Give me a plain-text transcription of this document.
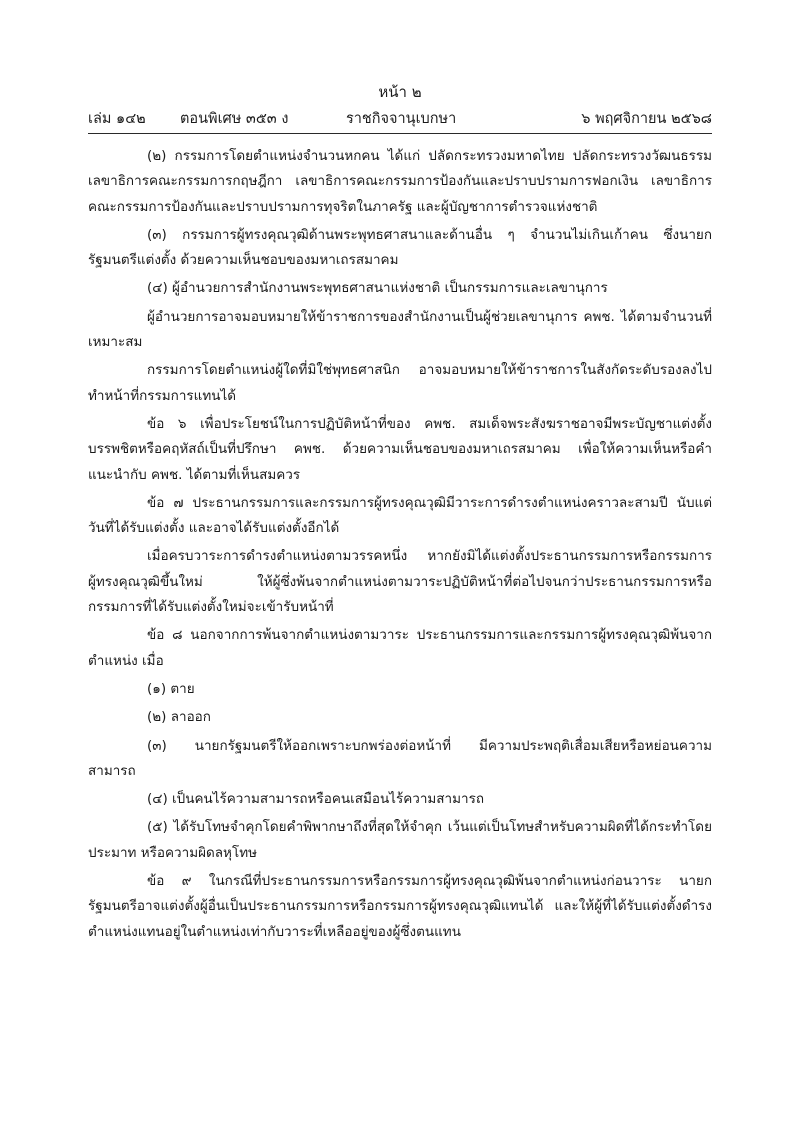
หน้า ๒
เล่ม ๑๔๒ ตอนพิเศษ ๓๕๓ ง	ราชกิจจานุเบกษา	๖ พฤศจิกายน ๒๕๖๘

(๒) กรรมการโดยตำแหน่งจำนวนหกคน ได้แก่ ปลัดกระทรวงมหาดไทย ปลัดกระทรวงวัฒนธรรม เลขาธิการคณะกรรมการกฤษฎีกา เลขาธิการคณะกรรมการป้องกันและปราบปรามการฟอกเงิน เลขาธิการคณะกรรมการป้องกันและปราบปรามการทุจริตในภาครัฐ และผู้บัญชาการตำรวจแห่งชาติ

(๓) กรรมการผู้ทรงคุณวุฒิด้านพระพุทธศาสนาและด้านอื่น ๆ จำนวนไม่เกินเก้าคน ซึ่งนายกรัฐมนตรีแต่งตั้ง ด้วยความเห็นชอบของมหาเถรสมาคม

(๔) ผู้อำนวยการสำนักงานพระพุทธศาสนาแห่งชาติ เป็นกรรมการและเลขานุการ

ผู้อำนวยการอาจมอบหมายให้ข้าราชการของสำนักงานเป็นผู้ช่วยเลขานุการ คพช. ได้ตามจำนวนที่เหมาะสม

กรรมการโดยตำแหน่งผู้ใดที่มิใช่พุทธศาสนิก อาจมอบหมายให้ข้าราชการในสังกัดระดับรองลงไปทำหน้าที่กรรมการแทนได้

ข้อ ๖ เพื่อประโยชน์ในการปฏิบัติหน้าที่ของ คพช. สมเด็จพระสังฆราชอาจมีพระบัญชาแต่งตั้งบรรพชิตหรือคฤหัสถ์เป็นที่ปรึกษา คพช. ด้วยความเห็นชอบของมหาเถรสมาคม เพื่อให้ความเห็นหรือคำแนะนำกับ คพช. ได้ตามที่เห็นสมควร

ข้อ ๗ ประธานกรรมการและกรรมการผู้ทรงคุณวุฒิมีวาระการดำรงตำแหน่งคราวละสามปี นับแต่วันที่ได้รับแต่งตั้ง และอาจได้รับแต่งตั้งอีกได้

เมื่อครบวาระการดำรงตำแหน่งตามวรรคหนึ่ง หากยังมิได้แต่งตั้งประธานกรรมการหรือกรรมการผู้ทรงคุณวุฒิขึ้นใหม่ ให้ผู้ซึ่งพ้นจากตำแหน่งตามวาระปฏิบัติหน้าที่ต่อไปจนกว่าประธานกรรมการหรือกรรมการที่ได้รับแต่งตั้งใหม่จะเข้ารับหน้าที่

ข้อ ๘ นอกจากการพ้นจากตำแหน่งตามวาระ ประธานกรรมการและกรรมการผู้ทรงคุณวุฒิพ้นจากตำแหน่ง เมื่อ

(๑) ตาย

(๒) ลาออก

(๓) นายกรัฐมนตรีให้ออกเพราะบกพร่องต่อหน้าที่ มีความประพฤติเสื่อมเสียหรือหย่อนความสามารถ

(๔) เป็นคนไร้ความสามารถหรือคนเสมือนไร้ความสามารถ

(๕) ได้รับโทษจำคุกโดยคำพิพากษาถึงที่สุดให้จำคุก เว้นแต่เป็นโทษสำหรับความผิดที่ได้กระทำโดยประมาท หรือความผิดลหุโทษ

ข้อ ๙ ในกรณีที่ประธานกรรมการหรือกรรมการผู้ทรงคุณวุฒิพ้นจากตำแหน่งก่อนวาระ นายกรัฐมนตรีอาจแต่งตั้งผู้อื่นเป็นประธานกรรมการหรือกรรมการผู้ทรงคุณวุฒิแทนได้ และให้ผู้ที่ได้รับแต่งตั้งดำรงตำแหน่งแทนอยู่ในตำแหน่งเท่ากับวาระที่เหลืออยู่ของผู้ซึ่งตนแทน
